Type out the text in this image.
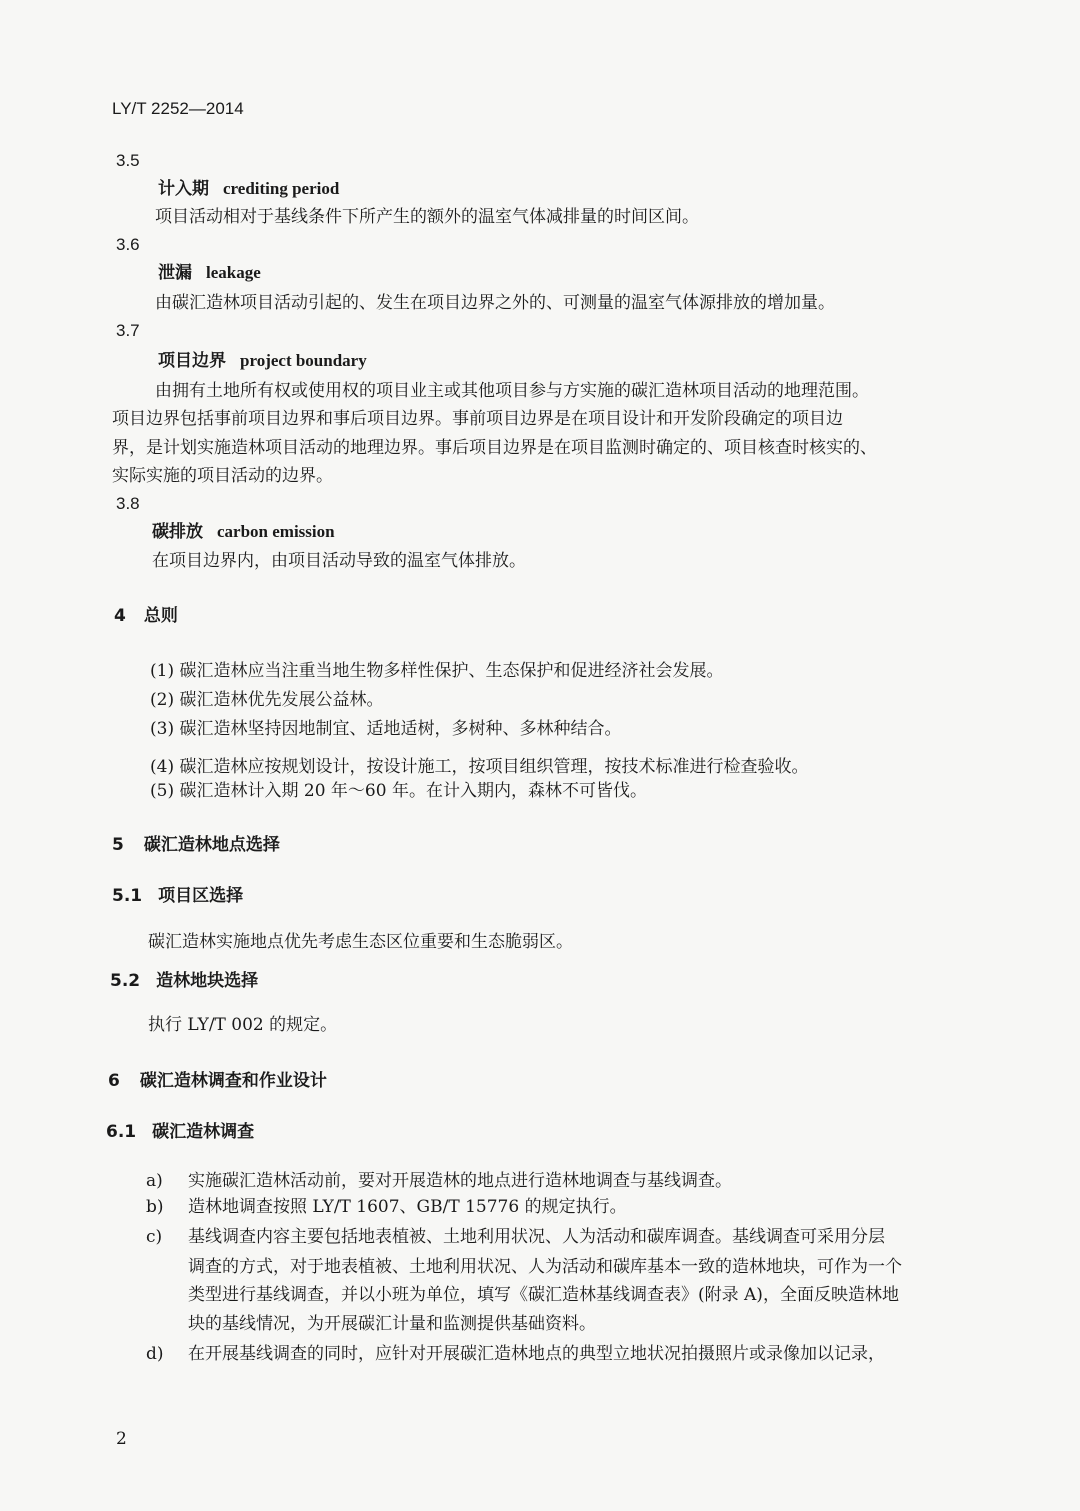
LY/T 2252—2014
3.5
计入期 crediting period
项目活动相对于基线条件下所产生的额外的温室气体减排量的时间区间。
3.6
泄漏 leakage
由碳汇造林项目活动引起的、发生在项目边界之外的、可测量的温室气体源排放的增加量。
3.7
项目边界 project boundary
由拥有土地所有权或使用权的项目业主或其他项目参与方实施的碳汇造林项目活动的地理范围。
项目边界包括事前项目边界和事后项目边界。事前项目边界是在项目设计和开发阶段确定的项目边
界，是计划实施造林项目活动的地理边界。事后项目边界是在项目监测时确定的、项目核查时核实的、
实际实施的项目活动的边界。
3.8
碳排放 carbon emission
在项目边界内，由项目活动导致的温室气体排放。
4 总则
(1) 碳汇造林应当注重当地生物多样性保护、生态保护和促进经济社会发展。
(2) 碳汇造林优先发展公益林。
(3) 碳汇造林坚持因地制宜、适地适树，多树种、多林种结合。
(4) 碳汇造林应按规划设计，按设计施工，按项目组织管理，按技术标准进行检查验收。
(5) 碳汇造林计入期 20 年～60 年。在计入期内，森林不可皆伐。
5 碳汇造林地点选择
5.1 项目区选择
碳汇造林实施地点优先考虑生态区位重要和生态脆弱区。
5.2 造林地块选择
执行 LY/T 002 的规定。
6 碳汇造林调查和作业设计
6.1 碳汇造林调查
a) 实施碳汇造林活动前，要对开展造林的地点进行造林地调查与基线调查。
b) 造林地调查按照 LY/T 1607、GB/T 15776 的规定执行。
c) 基线调查内容主要包括地表植被、土地利用状况、人为活动和碳库调查。基线调查可采用分层
调查的方式，对于地表植被、土地利用状况、人为活动和碳库基本一致的造林地块，可作为一个
类型进行基线调查，并以小班为单位，填写《碳汇造林基线调查表》(附录 A)，全面反映造林地
块的基线情况，为开展碳汇计量和监测提供基础资料。
d) 在开展基线调查的同时，应针对开展碳汇造林地点的典型立地状况拍摄照片或录像加以记录，
2
